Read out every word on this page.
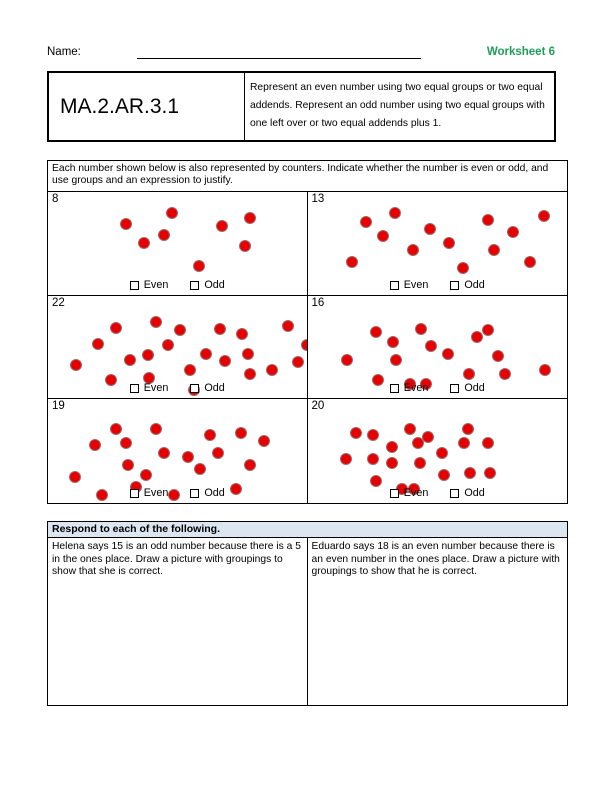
Name:	Worksheet 6
MA.2.AR.3.1
Represent an even number using two equal groups or two equal addends. Represent an odd number using two equal groups with one left over or two equal addends plus 1.
Each number shown below is also represented by counters. Indicate whether the number is even or odd, and use groups and an expression to justify.
8
Even	Odd
13
Even	Odd
22
Even	Odd
16
Even	Odd
19
Even	Odd
20
Even	Odd
Respond to each of the following.
Helena says 15 is an odd number because there is a 5 in the ones place. Draw a picture with groupings to show that she is correct.
Eduardo says 18 is an even number because there is an even number in the ones place. Draw a picture with groupings to show that he is correct.
